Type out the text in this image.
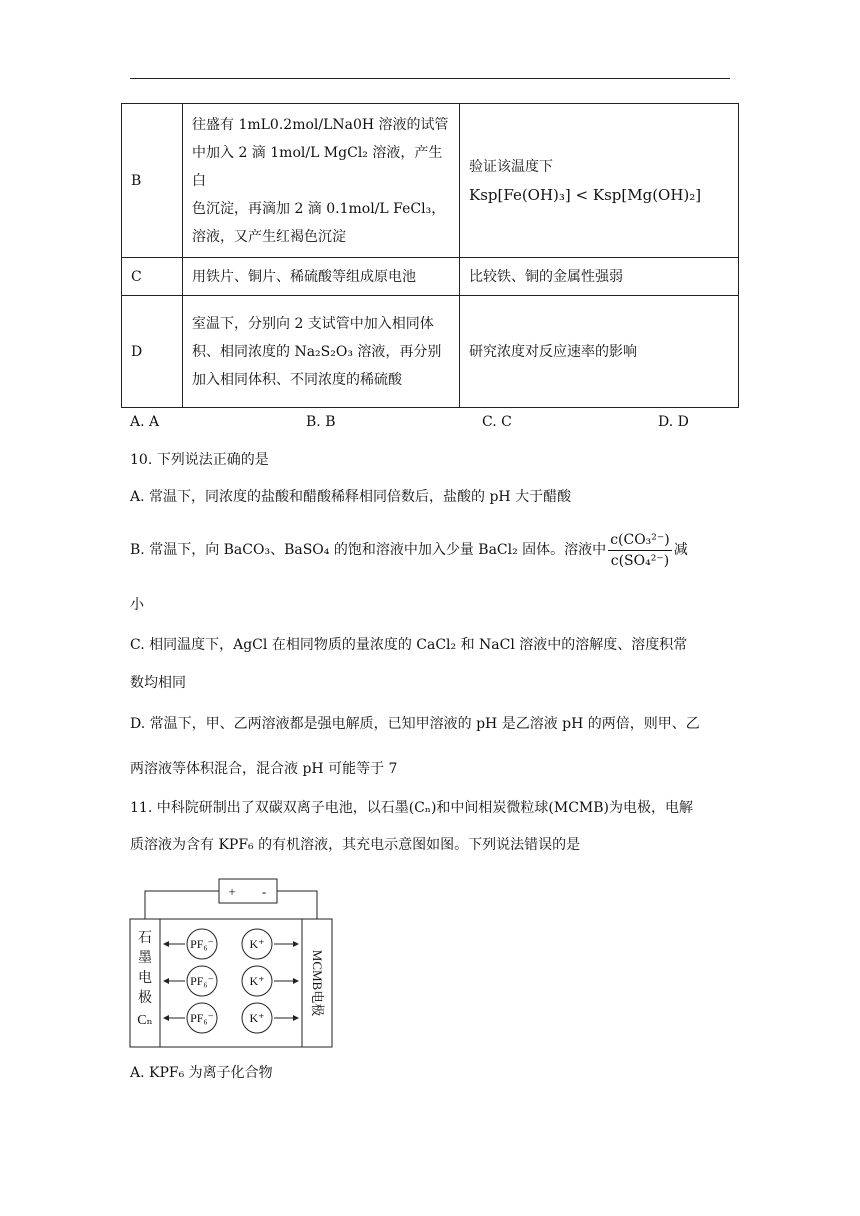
B	往盛有 1mL0.2mol/LNa0H 溶液的试管
中加入 2 滴 1mol/L MgCl₂ 溶液，产生白
色沉淀，再滴加 2 滴 0.1mol/L FeCl₃，
溶液，又产生红褐色沉淀	验证该温度下
Ksp[Fe(OH)₃] < Ksp[Mg(OH)₂]

C	用铁片、铜片、稀硫酸等组成原电池	比较铁、铜的金属性强弱

D	室温下，分别向 2 支试管中加入相同体
积、相同浓度的 Na₂S₂O₃ 溶液，再分别
加入相同体积、不同浓度的稀硫酸	研究浓度对反应速率的影响
A. A	B. B	C. C	D. D
10. 下列说法正确的是
A. 常温下，同浓度的盐酸和醋酸稀释相同倍数后，盐酸的 pH 大于醋酸
B. 常温下，向 BaCO₃、BaSO₄ 的饱和溶液中加入少量 BaCl₂ 固体。溶液中 $\frac{\text{c(CO₃²⁻)}}{\text{c(SO₄²⁻)}}$ 减
小
C. 相同温度下，AgCl 在相同物质的量浓度的 CaCl₂ 和 NaCl 溶液中的溶解度、溶度积常
数均相同
D. 常温下，甲、乙两溶液都是强电解质，已知甲溶液的 pH 是乙溶液 pH 的两倍，则甲、乙
两溶液等体积混合，混合液 pH 可能等于 7
11. 中科院研制出了双碳双离子电池，以石墨(Cₙ)和中间相炭微粒球(MCMB)为电极，电解
质溶液为含有 KPF₆ 的有机溶液，其充电示意图如图。下列说法错误的是
+ -
PF₆⁻
PF₆⁻
PF₆⁻
K⁺
K⁺
K⁺
石
墨
电
极
Cₙ
MCMB电极
A. KPF₆ 为离子化合物
